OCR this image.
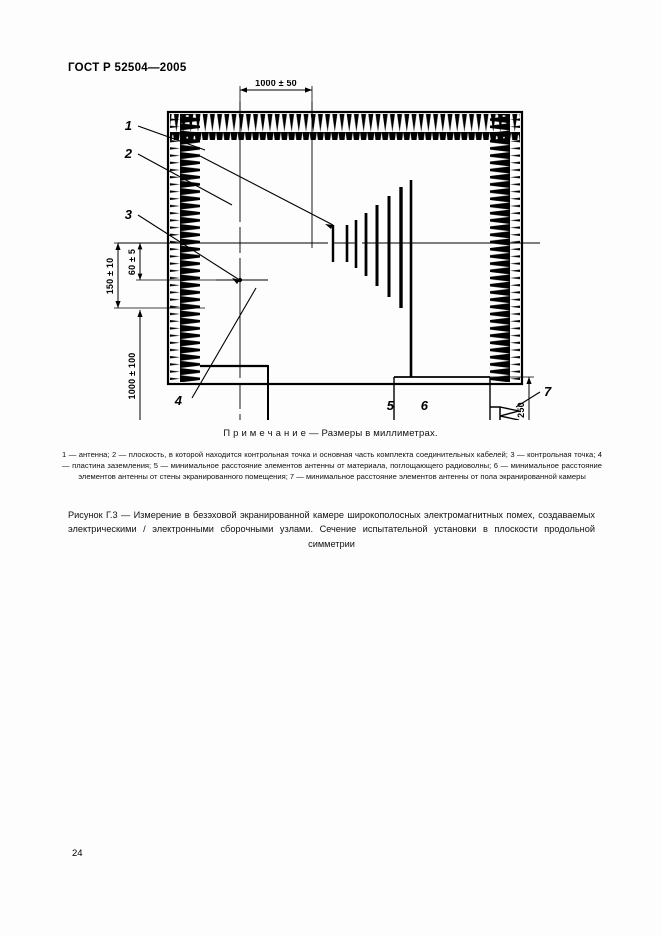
ГОСТ Р 52504—2005
1
2
3
4	5 6
7
1000 ± 50
150 ± 10 60 ± 5
1000 ± 100
250
П р и м е ч а н и е — Размеры в миллиметрах.
1 — антенна; 2 — плоскость, в которой находится контрольная точка и основная часть комплекта соединительных кабелей; 3 — контрольная точка; 4 — пластина заземления; 5 — минимальное расстояние элементов антенны от материала, поглощающего радиоволны; 6 — минимальное расстояние элементов антенны от стены экранированного помещения; 7 — минимальное расстояние элементов антенны от пола экранированной камеры
Рисунок Г.3 — Измерение в безэховой экранированной камере широкополосных электромагнитных помех, создаваемых электрическими / электронными сборочными узлами. Сечение испытательной установки в плоскости продольной симметрии
24
